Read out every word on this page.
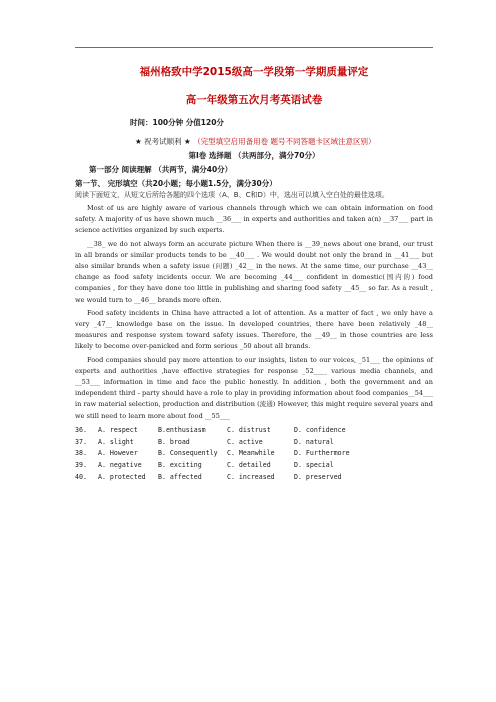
福州格致中学2015级高一学段第一学期质量评定
高一年级第五次月考英语试卷
时间：100分钟 分值120分
★ 祝考试顺利 ★ （完型填空启用备用卷 题号不同答题卡区域注意区别）
第Ⅰ卷 选择题 （共两部分，满分70分）
第一部分 阅读理解 （共两节，满分40分）
第一节、 完形填空（共20小题；每小题1.5分，满分30分）
阅读下面短文，从短文后所给各题的四个选项（A、B、C和D）中，选出可以填入空白处的最佳选项。

Most of us are highly aware of various channels through which we can obtain information on food safety. A majority of us have shown much __36___ in experts and authorities and taken a(n) __37___ part in science activities organized by such experts.

__38_ we do not always form an accurate picture When there is __39_news about one brand, our trust in all brands or similar products tends to be __40___ . We would doubt not only the brand in __41___ but also similar brands when a safety issue (问题) _42__ in the news. At the same time, our purchase __43__ change as food safety incidents occur. We are becoming _44___ confident in domestic(国内的) food companies , for they have done too little in publishing and sharing food safety __45__ so far. As a result , we would turn to __46__ brands more often.

Food safety incidents in China have attracted a lot of attention. As a matter of fact , we only have a very _47__ knowledge base on the issue. In developed countries, there have been relatively _48__ measures and response system toward safety issues. Therefore, the __49__ in those countries are less likely to become over-panicked and form serious _50 about all brands.

Food companies should pay more attention to our insights, listen to our voices, _51___ the opinions of experts and authorities ,have effective strategies for response _52____ various media channels, and __53___ information in time and face the public honestly. In addition , both the government and an independent third - party should have a role to play in providing information about food companies__54___ in raw material selection, production and distribution (流通) However, this might require several years and we still need to learn more about food __55___

36.	A. respect	B.enthusiasm	C. distrust	D. confidence
37.	A. slight	B. broad	C. active	D. natural
38.	A. However	B. Consequently	C. Meanwhile	D. Furthermore
39.	A. negative	B. exciting	C. detailed	D. special
40.	A. protected	B. affected	C. increased	D. preserved
